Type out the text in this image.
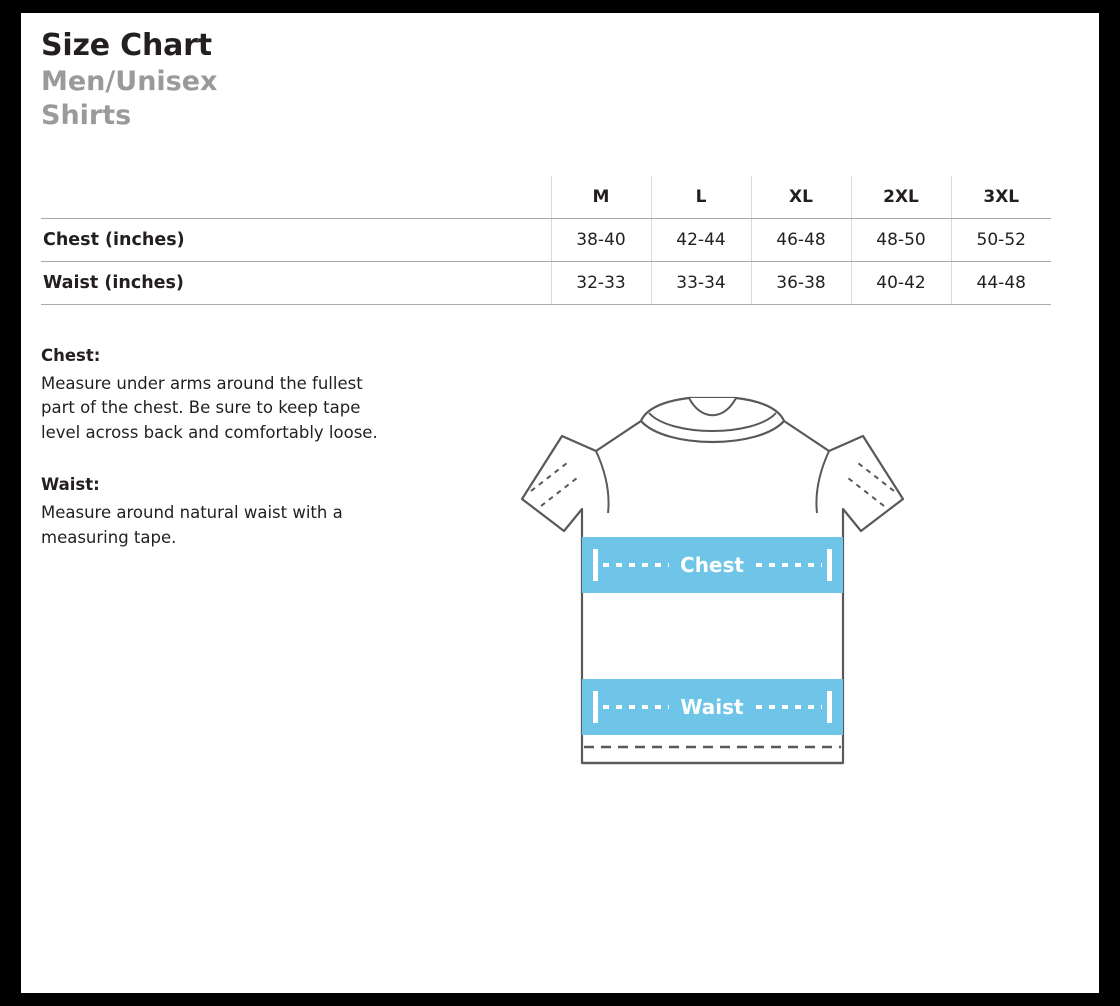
Size Chart
Men/Unisex
Shirts
	M	L	XL	2XL	3XL
Chest (inches)	38-40	42-44	46-48	48-50	50-52
Waist (inches)	32-33	33-34	36-38	40-42	44-48
Chest:

Measure under arms around the fullest part of the chest. Be sure to keep tape level across back and comfortably loose.

Waist:

Measure around natural waist with a measuring tape.

Chest
Waist
